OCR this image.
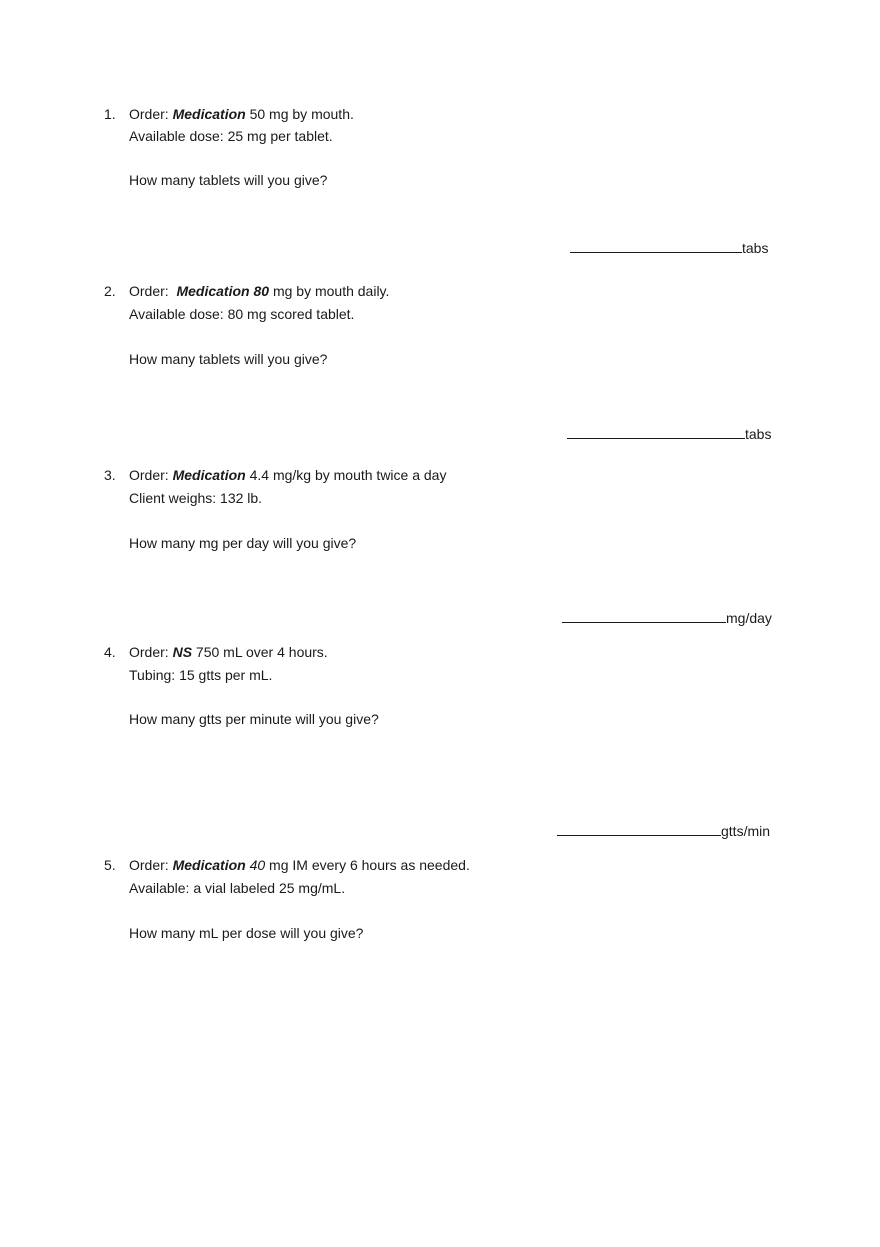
1. Order: Medication 50 mg by mouth.
Available dose: 25 mg per tablet.
How many tablets will you give?
tabs
2. Order:  Medication 80 mg by mouth daily.
Available dose: 80 mg scored tablet.
How many tablets will you give?
tabs
3. Order: Medication 4.4 mg/kg by mouth twice a day
Client weighs: 132 lb.
How many mg per day will you give?
mg/day
4. Order: NS 750 mL over 4 hours.
Tubing: 15 gtts per mL.
How many gtts per minute will you give?
gtts/min
5. Order: Medication 40 mg IM every 6 hours as needed.
Available: a vial labeled 25 mg/mL.
How many mL per dose will you give?
